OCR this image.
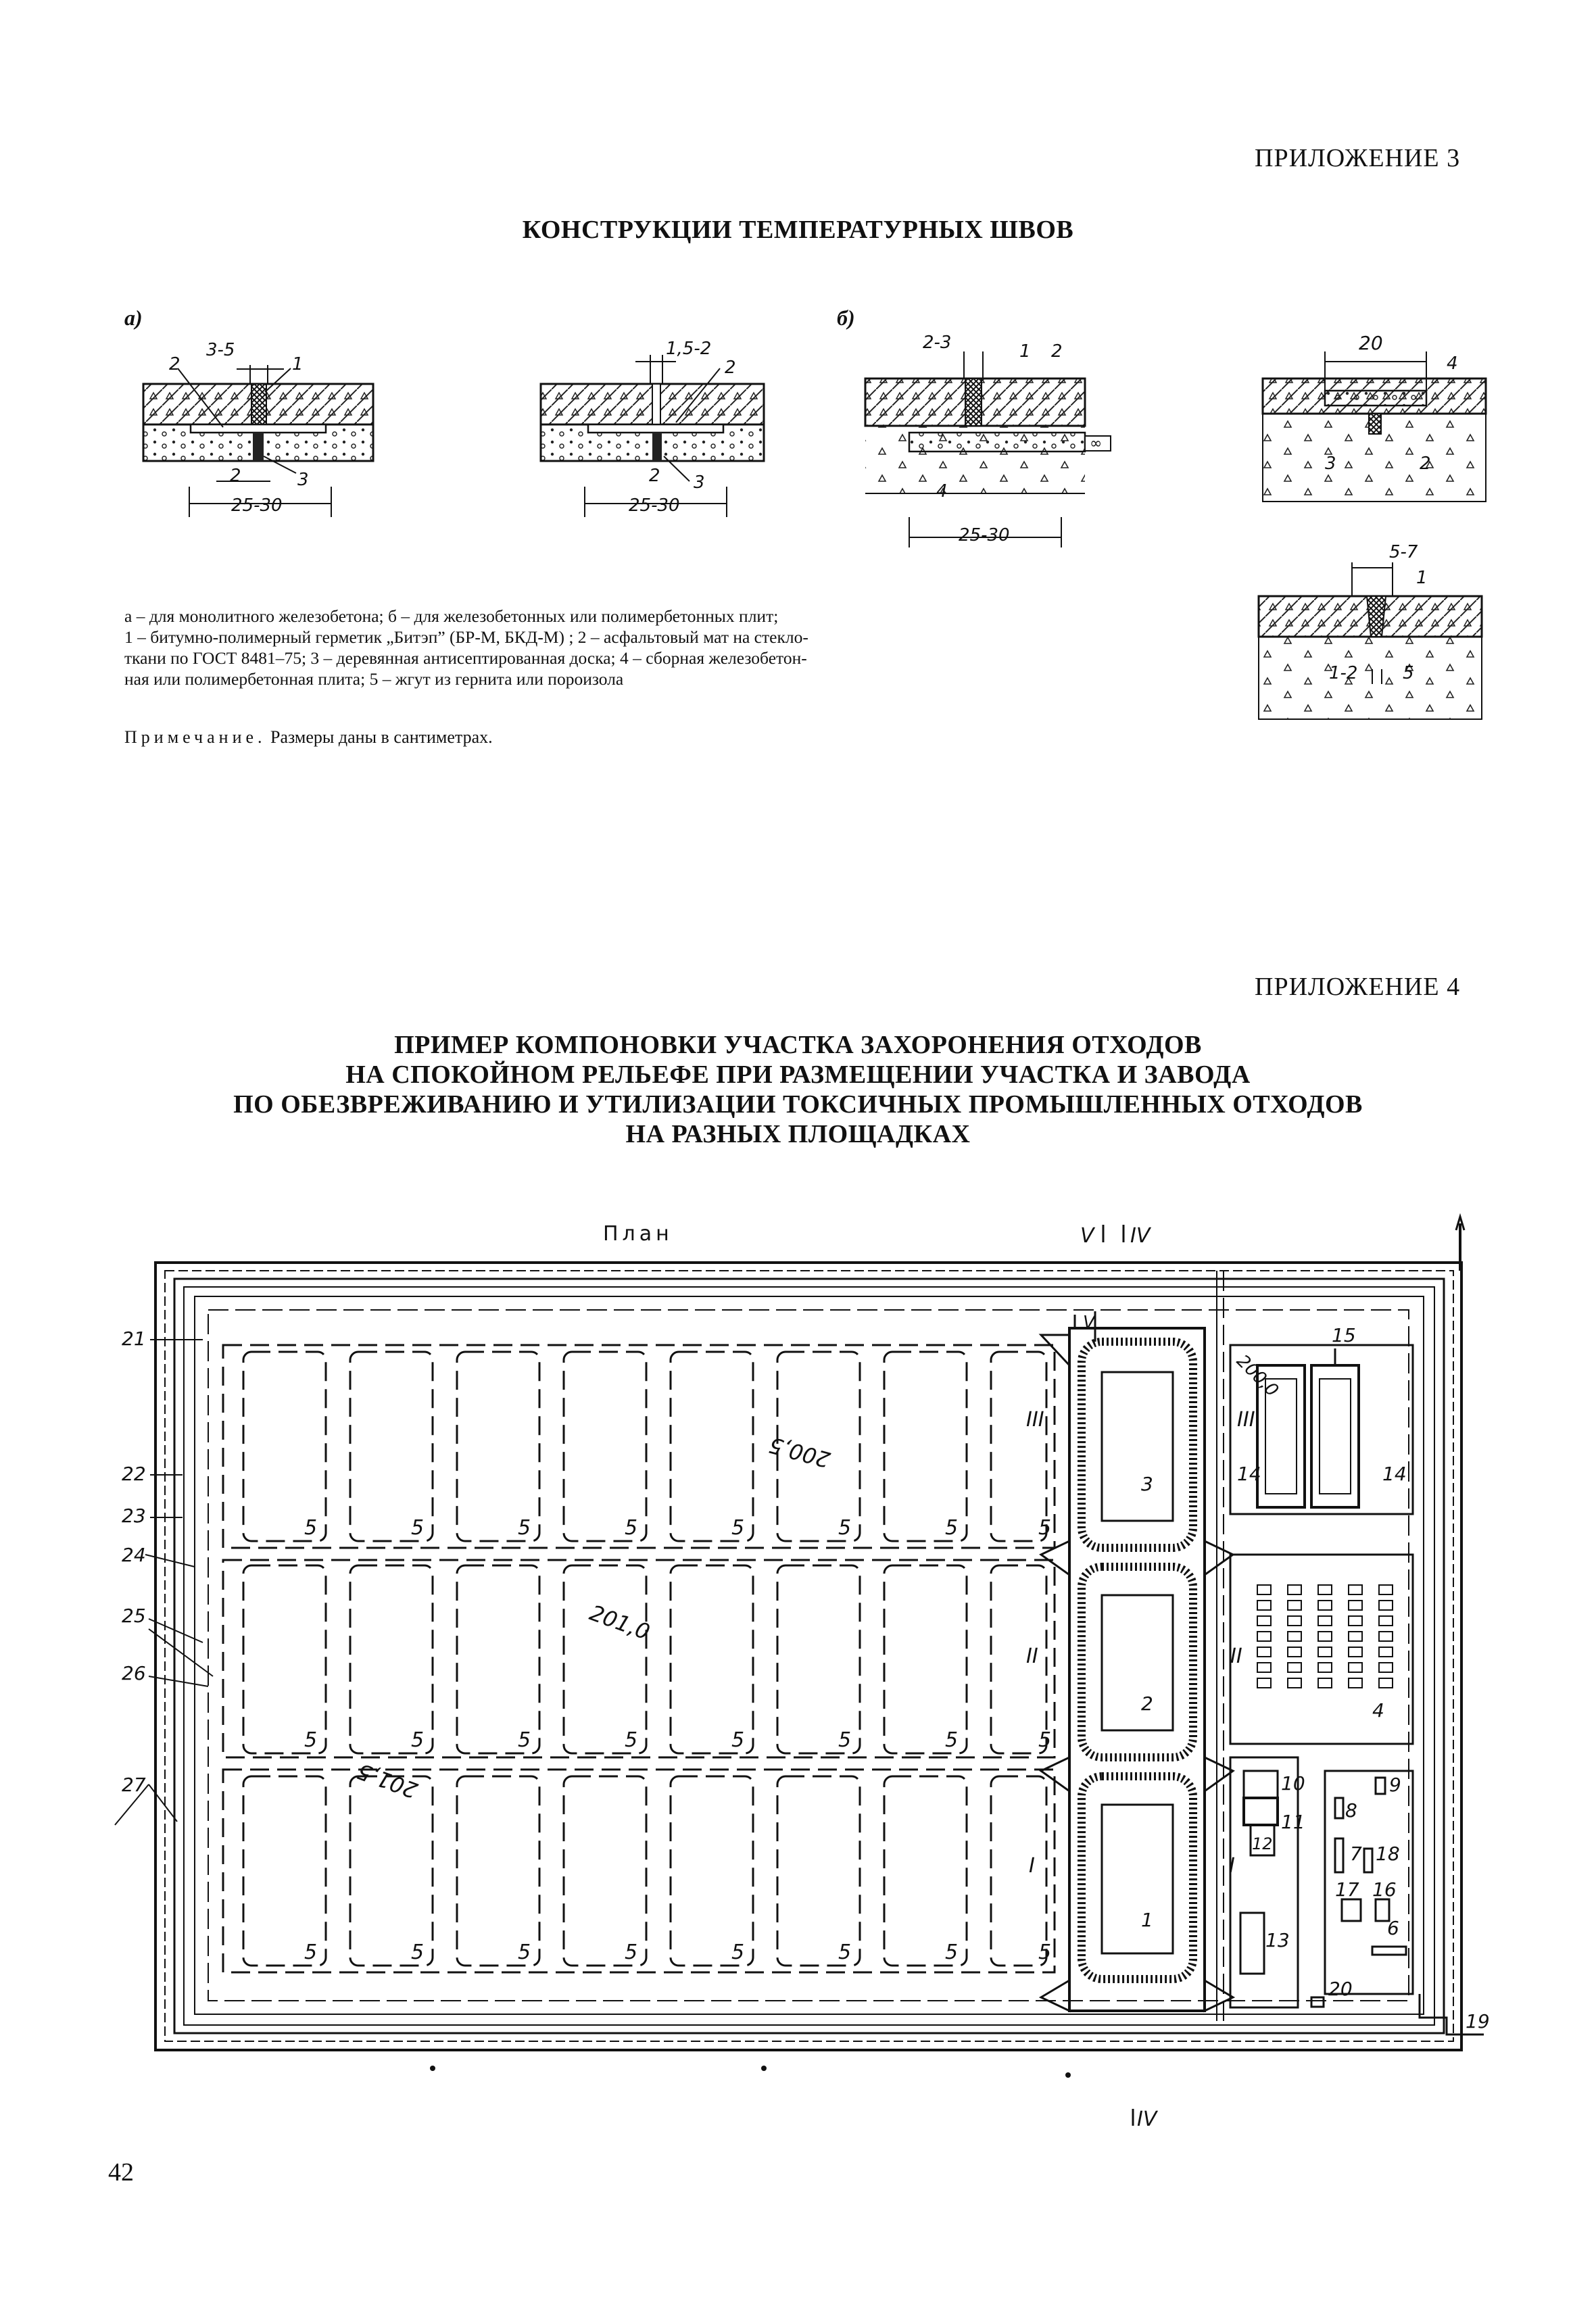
ПРИЛОЖЕНИЕ 3
КОНСТРУКЦИИ ТЕМПЕРАТУРНЫХ ШВОВ
а)	б)
3-5
2
25-30
2	1
3
1,5-2
2
25-30
2
3
2-3
25-30
∞
1 2
4
20
4
3	2
5-7
1-2
1
5
а – для монолитного железобетона; б – для железобетонных или полимербетонных плит;
1 – битумно-полимерный герметик „Битэп” (БР-М, БКД-М) ; 2 – асфальтовый мат на стекло-
ткани по ГОСТ 8481–75; 3 – деревянная антисептированная доска; 4 – сборная железобетон-
ная или полимербетонная плита; 5 – жгут из гернита или пороизола
Примечание. Размеры даны в сантиметрах.
ПРИЛОЖЕНИЕ 4
ПРИМЕР КОМПОНОВКИ УЧАСТКА ЗАХОРОНЕНИЯ ОТХОДОВ
НА СПОКОЙНОМ РЕЛЬЕФЕ ПРИ РАЗМЕЩЕНИИ УЧАСТКА И ЗАВОДА
ПО ОБЕЗВРЕЖИВАНИЮ И УТИЛИЗАЦИИ ТОКСИЧНЫХ ПРОМЫШЛЕННЫХ ОТХОДОВ
НА РАЗНЫХ ПЛОЩАДКАХ
План
5	5	5	5	5	5	5	5
5	5	5	5	5	5	5	5
5	5	5	5	5	5	5	5
200,5
201,0
201,5
200,0
III
II
I
III
II
I
V IV
V
IV
3
2
1
15
14	14
4
10
11
12
13
8
9
7 18
17 16
6
20
19
21
22
23
24
25
26
27
42
